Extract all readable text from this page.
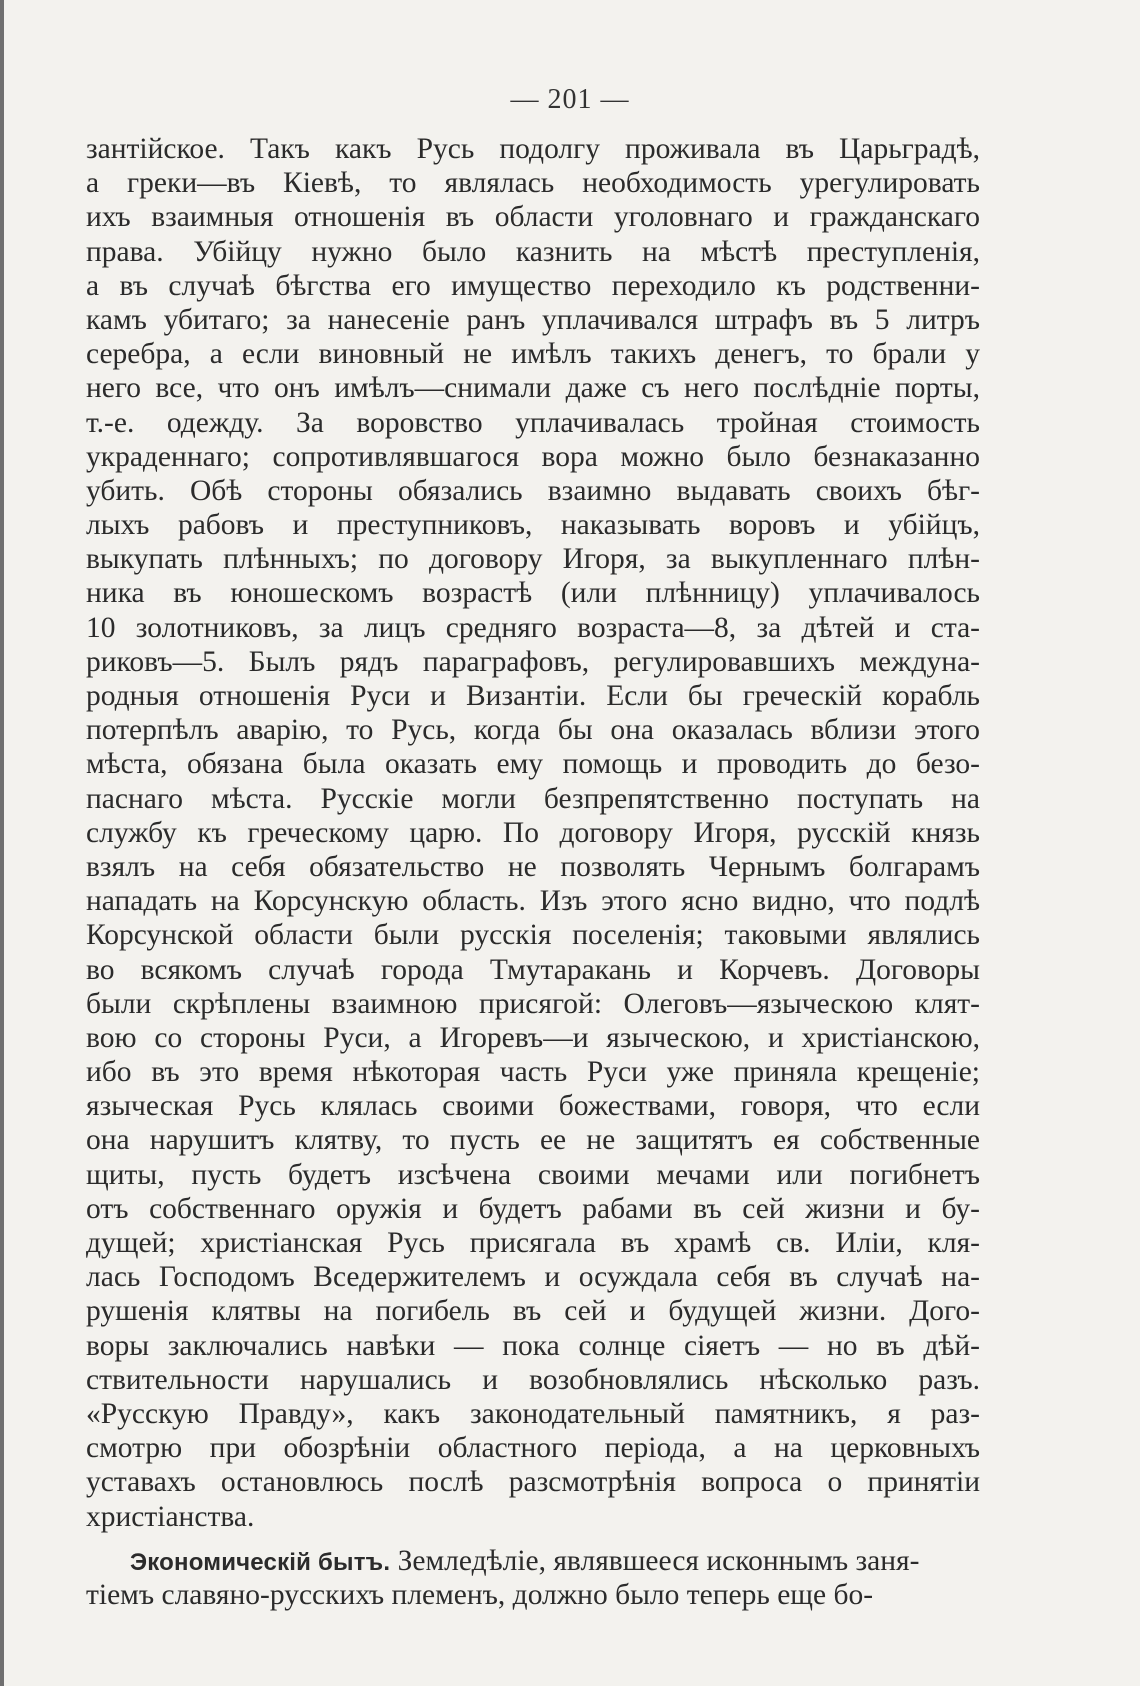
— 201 —
зантійское. Такъ какъ Русь подолгу проживала въ Царьградѣ,
а греки—въ Кіевѣ, то являлась необходимость урегулировать
ихъ взаимныя отношенія въ области уголовнаго и гражданскаго
права. Убійцу нужно было казнить на мѣстѣ преступленія,
а въ случаѣ бѣгства его имущество переходило къ родственни-
камъ убитаго; за нанесеніе ранъ уплачивался штрафъ въ 5 литръ
серебра, а если виновный не имѣлъ такихъ денегъ, то брали у
него все, что онъ имѣлъ—снимали даже съ него послѣдніе порты,
т.-е. одежду. За воровство уплачивалась тройная стоимость
украденнаго; сопротивлявшагося вора можно было безнаказанно
убить. Обѣ стороны обязались взаимно выдавать своихъ бѣг-
лыхъ рабовъ и преступниковъ, наказывать воровъ и убійцъ,
выкупать плѣнныхъ; по договору Игоря, за выкупленнаго плѣн-
ника въ юношескомъ возрастѣ (или плѣнницу) уплачивалось
10 золотниковъ, за лицъ средняго возраста—8, за дѣтей и ста-
риковъ—5. Былъ рядъ параграфовъ, регулировавшихъ междуна-
родныя отношенія Руси и Византіи. Если бы греческій корабль
потерпѣлъ аварію, то Русь, когда бы она оказалась вблизи этого
мѣста, обязана была оказать ему помощь и проводить до безо-
паснаго мѣста. Русскіе могли безпрепятственно поступать на
службу къ греческому царю. По договору Игоря, русскій князь
взялъ на себя обязательство не позволять Чернымъ болгарамъ
нападать на Корсунскую область. Изъ этого ясно видно, что подлѣ
Корсунской области были русскія поселенія; таковыми являлись
во всякомъ случаѣ города Тмутаракань и Корчевъ. Договоры
были скрѣплены взаимною присягой: Олеговъ—языческою клят-
вою со стороны Руси, а Игоревъ—и языческою, и христіанскою,
ибо въ это время нѣкоторая часть Руси уже приняла крещеніе;
языческая Русь клялась своими божествами, говоря, что если
она нарушитъ клятву, то пусть ее не защитятъ ея собственные
щиты, пусть будетъ изсѣчена своими мечами или погибнетъ
отъ собственнаго оружія и будетъ рабами въ сей жизни и бу-
дущей; христіанская Русь присягала въ храмѣ св. Иліи, кля-
лась Господомъ Вседержителемъ и осуждала себя въ случаѣ на-
рушенія клятвы на погибель въ сей и будущей жизни. Дого-
воры заключались навѣки — пока солнце сіяетъ — но въ дѣй-
ствительности нарушались и возобновлялись нѣсколько разъ.
«Русскую Правду», какъ законодательный памятникъ, я раз-
смотрю при обозрѣніи областного періода, а на церковныхъ
уставахъ остановлюсь послѣ разсмотрѣнія вопроса о принятіи
христіанства.
Экономическій бытъ. Земледѣліе, являвшееся исконнымъ заня-
тіемъ славяно-русскихъ племенъ, должно было теперь еще бо-
